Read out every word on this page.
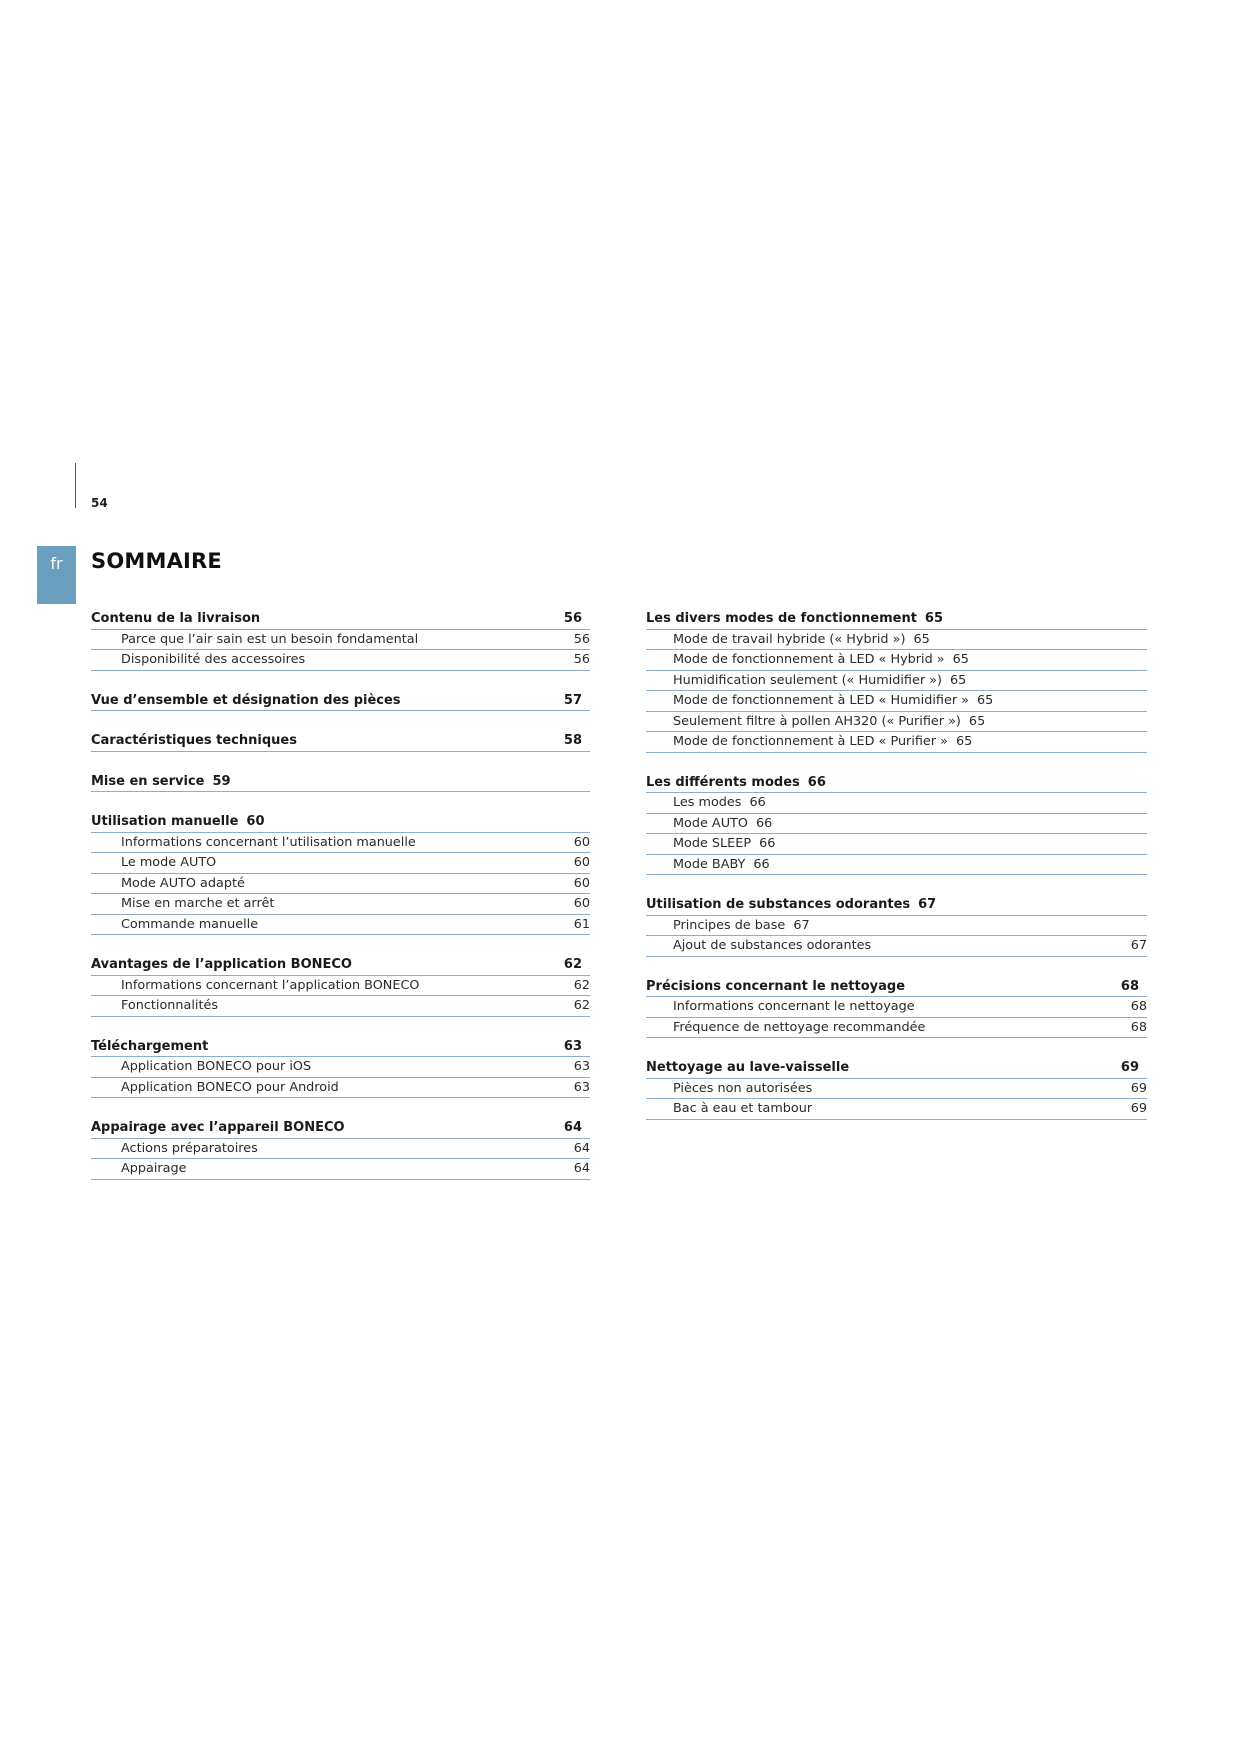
54
fr	SOMMAIRE
Contenu de la livraison	56
Parce que l’air sain est un besoin fondamental	56
Disponibilité des accessoires	56
Vue d’ensemble et désignation des pièces	57
Caractéristiques techniques	58
Mise en service 59
Utilisation manuelle 60
Informations concernant l’utilisation manuelle	60
Le mode AUTO	60
Mode AUTO adapté	60
Mise en marche et arrêt	60
Commande manuelle	61
Avantages de l’application BONECO	62
Informations concernant l’application BONECO	62
Fonctionnalités	62
Téléchargement	63
Application BONECO pour iOS	63
Application BONECO pour Android	63
Appairage avec l’appareil BONECO	64
Actions préparatoires	64
Appairage	64
Les divers modes de fonctionnement 65
Mode de travail hybride (« Hybrid ») 65
Mode de fonctionnement à LED « Hybrid » 65
Humidification seulement (« Humidifier ») 65
Mode de fonctionnement à LED « Humidifier » 65
Seulement filtre à pollen AH320 (« Purifier ») 65
Mode de fonctionnement à LED « Purifier » 65
Les différents modes 66
Les modes 66
Mode AUTO 66
Mode SLEEP 66
Mode BABY 66
Utilisation de substances odorantes 67
Principes de base 67
Ajout de substances odorantes	67
Précisions concernant le nettoyage	68
Informations concernant le nettoyage	68
Fréquence de nettoyage recommandée	68
Nettoyage au lave-vaisselle	69
Pièces non autorisées	69
Bac à eau et tambour	69
